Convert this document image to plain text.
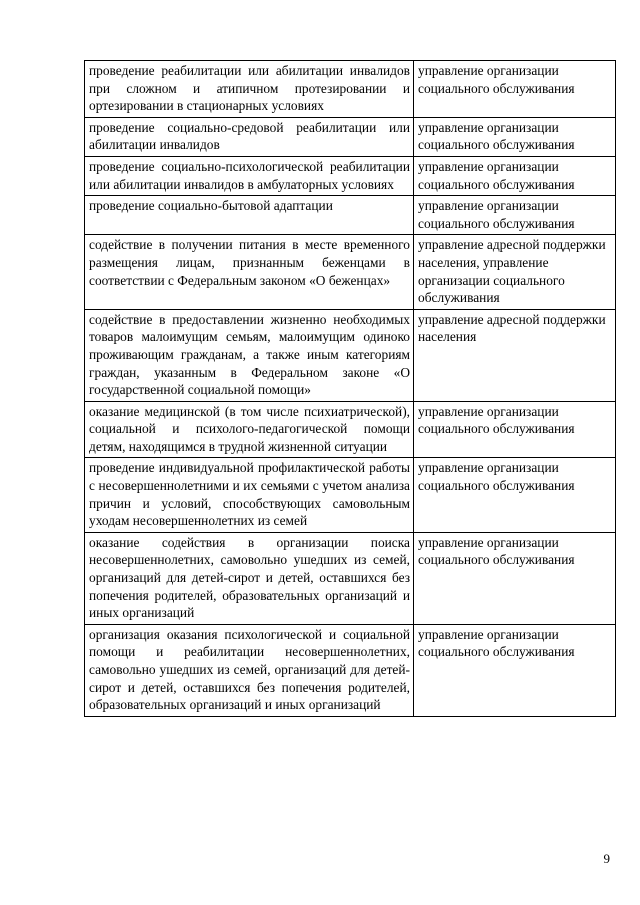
проведение реабилитации или абилитации инвалидов при сложном и атипичном протезировании и ортезировании в стационарных условиях	управление организации социального обслуживания
проведение социально-средовой реабилитации или абилитации инвалидов	управление организации социального обслуживания
проведение социально-психологической реабилитации или абилитации инвалидов в амбулаторных условиях	управление организации социального обслуживания
проведение социально-бытовой адаптации	управление организации социального обслуживания
содействие в получении питания в месте временного размещения лицам, признанным беженцами в соответствии с Федеральным законом «О беженцах»	управление адресной поддержки населения, управление организации социального обслуживания
содействие в предоставлении жизненно необходимых товаров малоимущим семьям, малоимущим одиноко проживающим гражданам, а также иным категориям граждан, указанным в Федеральном законе «О государственной социальной помощи»	управление адресной поддержки населения
оказание медицинской (в том числе психиатрической), социальной и психолого-педагогической помощи детям, находящимся в трудной жизненной ситуации	управление организации социального обслуживания
проведение индивидуальной профилактической работы с несовершеннолетними и их семьями с учетом анализа причин и условий, способствующих самовольным уходам несовершеннолетних из семей	управление организации социального обслуживания
оказание содействия в организации поиска несовершеннолетних, самовольно ушедших из семей, организаций для детей-сирот и детей, оставшихся без попечения родителей, образовательных организаций и иных организаций	управление организации социального обслуживания
организация оказания психологической и социальной помощи и реабилитации несовершеннолетних, самовольно ушедших из семей, организаций для детей-сирот и детей, оставшихся без попечения родителей, образовательных организаций и иных организаций	управление организации социального обслуживания
9
